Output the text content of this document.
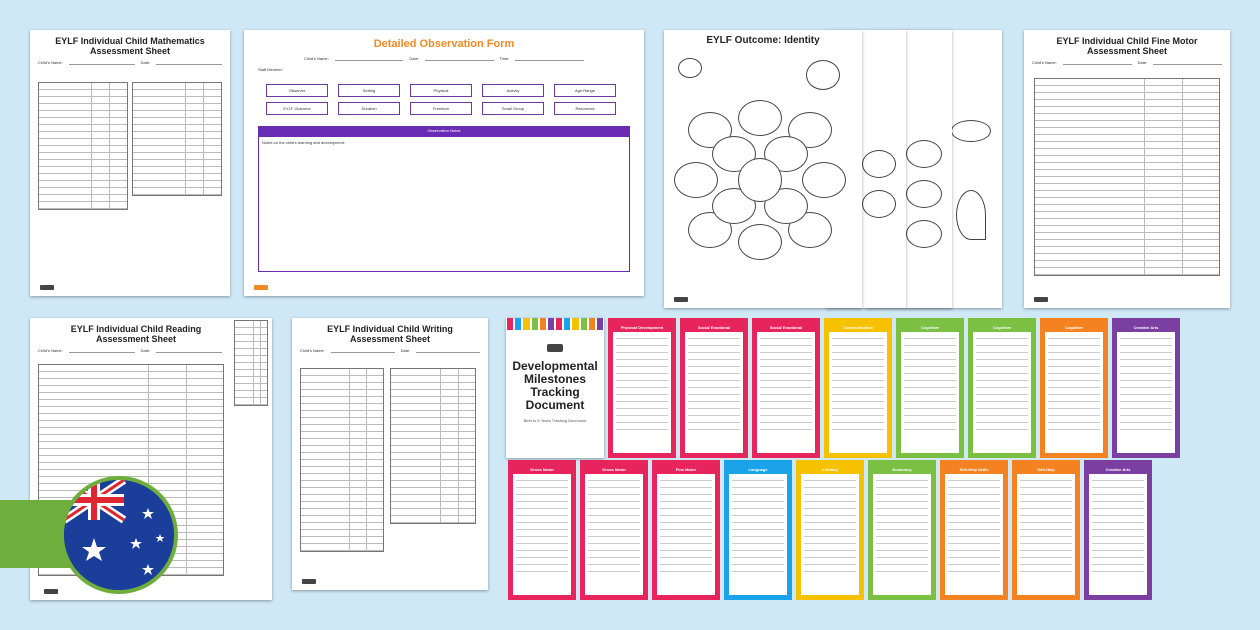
EYLF Individual Child Mathematics Assessment Sheet
Child's Name:	Date:
Detailed Observation Form
Child's Name:	Date:	Time:
Staff Member:
Observation Notes
Notes on the child's learning and development:
Observer	Setting	Physical	Activity	Age Range
EYLF Outcome	Duration	Freedom	Small Group	Resources
EYLF Outcome: Identity	EYLF Individual Child Fine Motor Assessment Sheet
Child's Name:	Date:
EYLF Individual Child Reading Assessment Sheet
Child's Name:	Date:
EYLF Individual Child Writing Assessment Sheet
Child's Name:	Date:
Developmental Milestones Tracking Document
Birth to 5 Years Tracking Document
Physical Development	Social Emotional	Social Emotional	Communication	Cognitive	Cognitive	Cognitive	Creative Arts
Gross Motor	Gross Motor	Fine Motor	Language	Literacy	Numeracy	Self-Help Skills	Self-Help	Creative Arts
